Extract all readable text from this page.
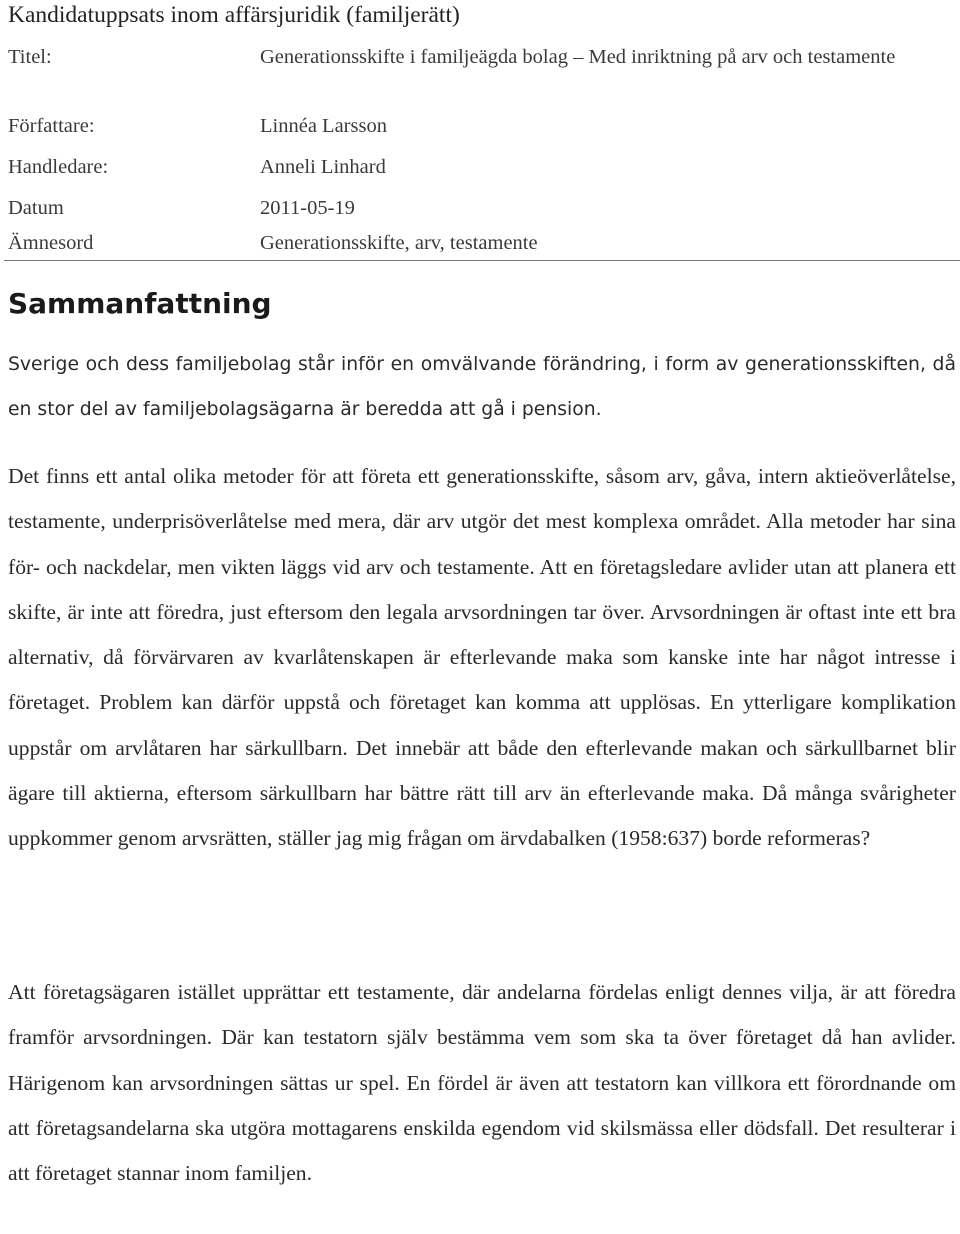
Kandidatuppsats inom affärsjuridik (familjerätt)
Titel:	Generationsskifte i familjeägda bolag – Med inriktning på arv och testamente
Författare:	Linnéa Larsson
Handledare:	Anneli Linhard
Datum	2011-05-19
Ämnesord	Generationsskifte, arv, testamente
Sammanfattning

Sverige och dess familjebolag står inför en omvälvande förändring, i form av generationsskiften, då en stor del av familjebolagsägarna är beredda att gå i pension.

Det finns ett antal olika metoder för att företa ett generationsskifte, såsom arv, gåva, intern aktieöverlåtelse, testamente, underprisöverlåtelse med mera, där arv utgör det mest komplexa området. Alla metoder har sina för- och nackdelar, men vikten läggs vid arv och testamente. Att en företagsledare avlider utan att planera ett skifte, är inte att föredra, just eftersom den legala arvsordningen tar över. Arvsordningen är oftast inte ett bra alternativ, då förvärvaren av kvarlåtenskapen är efterlevande maka som kanske inte har något intresse i företaget. Problem kan därför uppstå och företaget kan komma att upplösas. En ytterligare komplikation uppstår om arvlåtaren har särkullbarn. Det innebär att både den efterlevande makan och särkullbarnet blir ägare till aktierna, eftersom särkullbarn har bättre rätt till arv än efterlevande maka. Då många svårigheter uppkommer genom arvsrätten, ställer jag mig frågan om ärvdabalken (1958:637) borde reformeras?

Att företagsägaren istället upprättar ett testamente, där andelarna fördelas enligt dennes vilja, är att föredra framför arvsordningen. Där kan testatorn själv bestämma vem som ska ta över företaget då han avlider. Härigenom kan arvsordningen sättas ur spel. En fördel är även att testatorn kan villkora ett förordnande om att företagsandelarna ska utgöra mottagarens enskilda egendom vid skilsmässa eller dödsfall. Det resulterar i att företaget stannar inom familjen.
